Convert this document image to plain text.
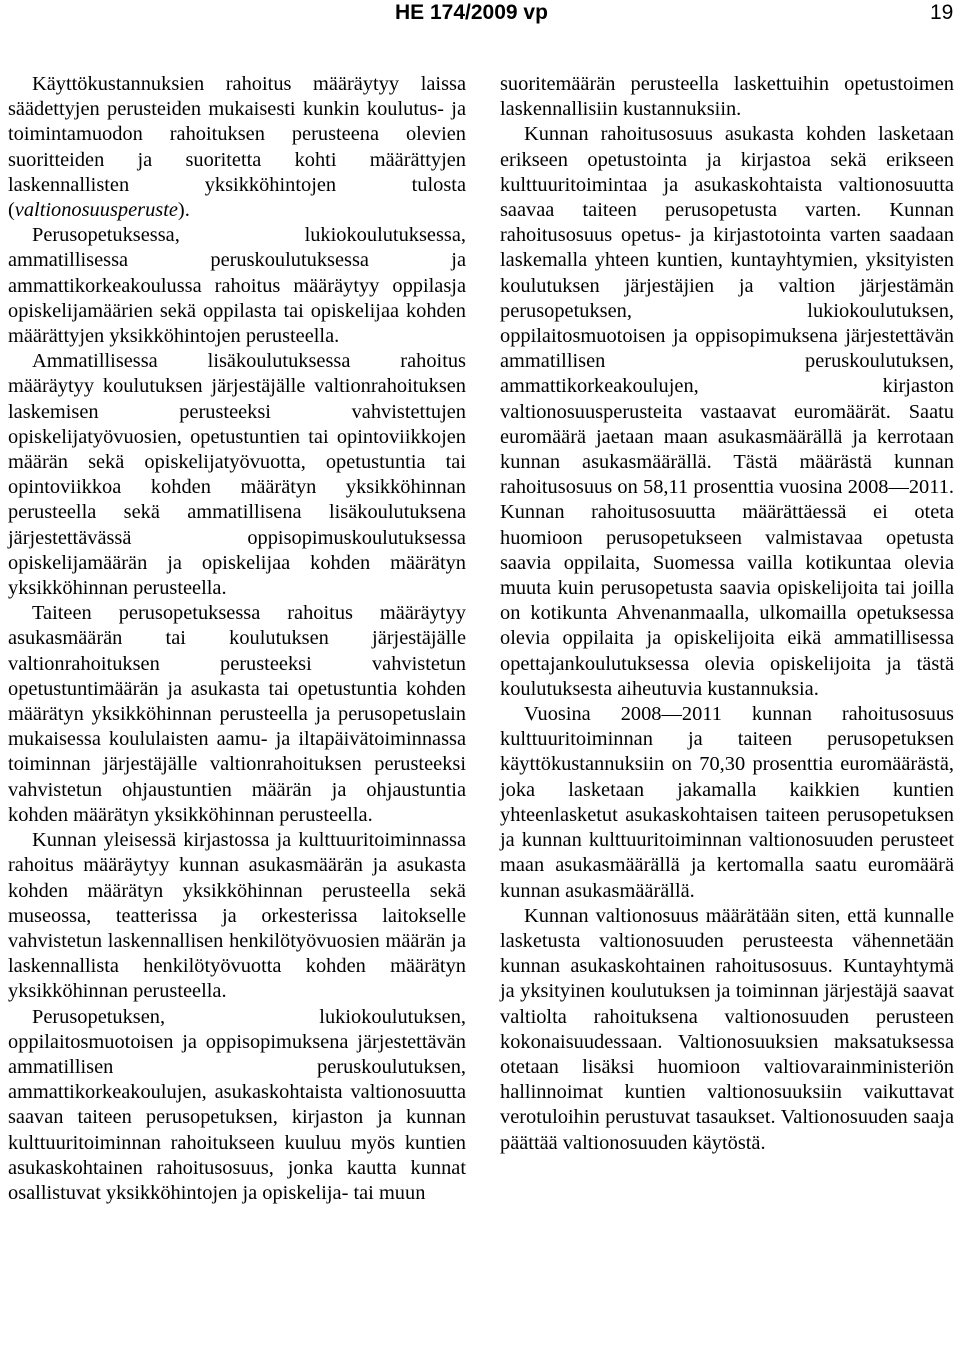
HE 174/2009 vp	19

Käyttökustannuksien rahoitus määräytyy laissa säädettyjen perusteiden mukaisesti kunkin koulutus- ja toimintamuodon rahoituksen perusteena olevien suoritteiden ja suoritetta kohti määrättyjen laskennallisten yksikköhintojen tulosta (valtionosuusperuste).

Perusopetuksessa, lukiokoulutuksessa, ammatillisessa peruskoulutuksessa ja ammattikorkeakoulussa rahoitus määräytyy oppilasja opiskelijamäärien sekä oppilasta tai opiskelijaa kohden määrättyjen yksikköhintojen perusteella.

Ammatillisessa lisäkoulutuksessa rahoitus määräytyy koulutuksen järjestäjälle valtionrahoituksen laskemisen perusteeksi vahvistettujen opiskelijatyövuosien, opetustuntien tai opintoviikkojen määrän sekä opiskelijatyövuotta, opetustuntia tai opintoviikkoa kohden määrätyn yksikköhinnan perusteella sekä ammatillisena lisäkoulutuksena järjestettävässä oppisopimuskoulutuksessa opiskelijamäärän ja opiskelijaa kohden määrätyn yksikköhinnan perusteella.

Taiteen perusopetuksessa rahoitus määräytyy asukasmäärän tai koulutuksen järjestäjälle valtionrahoituksen perusteeksi vahvistetun opetustuntimäärän ja asukasta tai opetustuntia kohden määrätyn yksikköhinnan perusteella ja perusopetuslain mukaisessa koululaisten aamu- ja iltapäivätoiminnassa toiminnan järjestäjälle valtionrahoituksen perusteeksi vahvistetun ohjaustuntien määrän ja ohjaustuntia kohden määrätyn yksikköhinnan perusteella.

Kunnan yleisessä kirjastossa ja kulttuuritoiminnassa rahoitus määräytyy kunnan asukasmäärän ja asukasta kohden määrätyn yksikköhinnan perusteella sekä museossa, teatterissa ja orkesterissa laitokselle vahvistetun laskennallisen henkilötyövuosien määrän ja laskennallista henkilötyövuotta kohden määrätyn yksikköhinnan perusteella.

Perusopetuksen, lukiokoulutuksen, oppilaitosmuotoisen ja oppisopimuksena järjestettävän ammatillisen peruskoulutuksen, ammattikorkeakoulujen, asukaskohtaista valtionosuutta saavan taiteen perusopetuksen, kirjaston ja kunnan kulttuuritoiminnan rahoitukseen kuuluu myös kuntien asukaskohtainen rahoitusosuus, jonka kautta kunnat osallistuvat yksikköhintojen ja opiskelija- tai muun

suoritemäärän perusteella laskettuihin opetustoimen laskennallisiin kustannuksiin.

Kunnan rahoitusosuus asukasta kohden lasketaan erikseen opetustointa ja kirjastoa sekä erikseen kulttuuritoimintaa ja asukaskohtaista valtionosuutta saavaa taiteen perusopetusta varten. Kunnan rahoitusosuus opetus- ja kirjastotointa varten saadaan laskemalla yhteen kuntien, kuntayhtymien, yksityisten koulutuksen järjestäjien ja valtion järjestämän perusopetuksen, lukiokoulutuksen, oppilaitosmuotoisen ja oppisopimuksena järjestettävän ammatillisen peruskoulutuksen, ammattikorkeakoulujen, kirjaston valtionosuusperusteita vastaavat euromäärät. Saatu euromäärä jaetaan maan asukasmäärällä ja kerrotaan kunnan asukasmäärällä. Tästä määrästä kunnan rahoitusosuus on 58,11 prosenttia vuosina 2008—2011. Kunnan rahoitusosuutta määrättäessä ei oteta huomioon perusopetukseen valmistavaa opetusta saavia oppilaita, Suomessa vailla kotikuntaa olevia muuta kuin perusopetusta saavia opiskelijoita tai joilla on kotikunta Ahvenanmaalla, ulkomailla opetuksessa olevia oppilaita ja opiskelijoita eikä ammatillisessa opettajankoulutuksessa olevia opiskelijoita ja tästä koulutuksesta aiheutuvia kustannuksia.

Vuosina 2008—2011 kunnan rahoitusosuus kulttuuritoiminnan ja taiteen perusopetuksen käyttökustannuksiin on 70,30 prosenttia euromäärästä, joka lasketaan jakamalla kaikkien kuntien yhteenlasketut asukaskohtaisen taiteen perusopetuksen ja kunnan kulttuuritoiminnan valtionosuuden perusteet maan asukasmäärällä ja kertomalla saatu euromäärä kunnan asukasmäärällä.

Kunnan valtionosuus määrätään siten, että kunnalle lasketusta valtionosuuden perusteesta vähennetään kunnan asukaskohtainen rahoitusosuus. Kuntayhtymä ja yksityinen koulutuksen ja toiminnan järjestäjä saavat valtiolta rahoituksena valtionosuuden perusteen kokonaisuudessaan. Valtionosuuksien maksatuksessa otetaan lisäksi huomioon valtiovarainministeriön hallinnoimat kuntien valtionosuuksiin vaikuttavat verotuloihin perustuvat tasaukset. Valtionosuuden saaja päättää valtionosuuden käytöstä.
